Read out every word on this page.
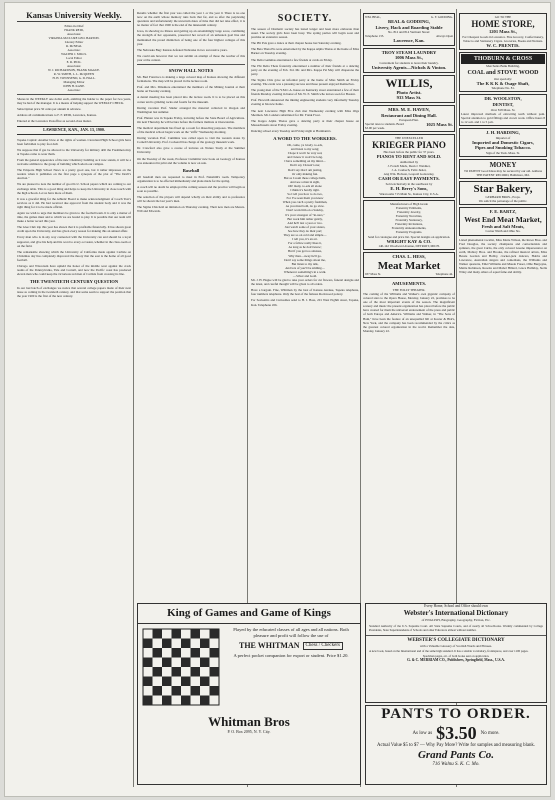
Kansas University Weekly.
Editor-in-Chief
FRANK REID,
Associates:
VIRGINIA McCLURE GEO. BARTON.
Literary Editor
R. McNEAL
Associate:
WALTER J. MILLS.
Local Editor
E. R. PICK.
Associates:
W. J. RICHARDSON, FRANK MAGUE.
R. W. SMITH, L. L. McQUEEN
H. H. TOWNSEND, G. D. HALL.
Managing Editor
JOHN H. KANE.
Associate:

Shares in the WEEKLY one dollar each, entitling the holder to the paper for two years, may be had of the manager. It is a means of helping support the WEEKLY CHECK.

Subscription price 50 cents per annum in advance.

Address all communications to F. F. REID, Lawrence, Kansas.

Entered at the Lawrence Postoffice as second-class matter.

LAWRENCE, KAN., JAN. 13, 1900.

Topeka Capital: Another blow at the rights of women. Cleveland High School girls have been forbidden to play foot-ball.

We suppose that if gas be allowed to the University for military drill the Freshmen may at Topeka come to wear them.

From the general appearance of the new Chemistry building as it now stands, it will be a welcome addition to the group of building which adorn our campus.

The Emporia High School News is a pretty good one, but it rather impresses on the readers when it publishes on the first page a synopsis of the plot of "The Devil's Auction."

We are pleased to note the number of good K.U. School papers which are coming to our exchange table. This is a good thing and helps to keep the University in close touch with the high schools. Let us have more of them.

It was a graceful thing for the Athletic Board to make acknowledgment of Coach Yost's services as it did. He had received due approval from the student body and it was the right thing for it to be made official.

Again we wish to urge that members be given to the football team. It is only a matter of time, the games must and to which we are bound to play. It is possible that our team will make a better record this year.

The Glee Club trip this year has shown that it is profitable financially. It has shown great credit upon the University, and has given every reason for making this an annual affair.

Every man who is in any way connected with the University can and should be a loyal supporter, and give his help and his word to every occasion, whether in the class-room or on the field.

The remarkable showing which the University of California made against Carlisle on Christmas day has completely disproved the theory that the east is the home of all good football.

Chicago and Wisconsin have upheld the honor of the middle west against the crack teams of the Pennsylvania, Yale and Cornell, and now the Pacific coast has produced eleven men who could keep the victorious red men of Carlisle from crossing its line.

THE TWENTIETH CENTURY QUESTION

In our last batch of exchanges we notice that several college papers made of their next issue as coming in the twentieth century, and that some seem to support the position that the year 1900 is the first of the new century.

Results whether the first year was called the year 1 or the year 0. There is no one now on the earth whose memory runs back that far, and so after the perplexing questions and unfortunately the uncertain dates of time that did not take effect, it is no matter of fact that 1900 is the end of the nineteenth century.

Iowa, in showing no illness and getting up an astonishingly large score, combining the strength of her opponents, preserved her record of an unbeaten goal line and maintained the proud distinction of being one of the four highest colleges of this year.

The Nebraska Bug: Kansas defeated Nebraska in two successive years.

We could ask however that we not submit an attempt of those the teacher of this year at the contest.

SNOW HALL NOTES

Mr. Bud Francisco is making a large colored map of Kansas showing the different formations. The map will be placed in the lecture room.

Prof. and Mrs. Dinsmore entertained the members of the Mining Journal at their home on Tuesday evening.

A dental meeting has been placed into the lecture room. It is to be placed on this corner and is grinding rocks and fossils for the museum.

During vacation Prof. Snider arranged the material collected in Oregon and Washington last summer.

Prof. Hunter was in Topeka Friday, lecturing before the State Board of Agriculture. On next Thursday he will lecture before the farmers institute at Osawatomie.

The medical department has fixed up a room for dissecting purposes. The members of the medical school began work on the "stiffs" Wednesday morning.

During vacation Prof. Cummins was called upon to visit the western states by Cornell University. Prof. Cockerell has charge of the geology museum work.

Dr. Crawford also gave a course of lectures on Nature Study at the Summer University.

On the Tuesday of the week, Professor Cummins' new book on Geology of Kansas was announced in print and the volume is now on sale.

Baseball

All baseball men are requested to meet in Prof. Naismith's room. Temporary organization is to be effected immediately and plans made for the spring.

A coach will no doubt be employed the coming season and the practice will begin as soon as possible.

The selection of the players will depend wholly on their ability and to preference will be shown the last year's men.

The Sigma Chis held an initiation on Thursday evening. Their new men are Messrs. Will and Edwards.

SOCIETY.

The season of Dramatic society has lasted longer and been more elaborate than usual. The society girls have been busy. The spring parties will begin soon and promise an extensive season.

The Phi Psis gave a dance at their chapter house last Saturday evening.

The Beta Theta Pis were entertained by the Kappa Alpha Thetas at the home of Miss Barker on Tuesday evening.

The Delta Gammas entertained a few friends at cards on Friday.

The Phi Delta Theta fraternity entertained a number of their friends at a dancing party on the evening of Feb. 3rd. Mr. and Mrs. Kappa Psi May will chaperone the party.

The Sigma Chis gave an informal party at the home of Miss Smith on Friday evening. The event was a pleasing success and those present enjoyed themselves.

The young men of the Y.M.C.A. house on Kentucky street entertained a few of their friends Monday evening in honor of Mr. W. E. Smith who leaves soon for Boston.

Prof. Howarth announced the mining engineering students very informally Tuesday evening at his new home.

The next Lawrence High Five club met Wednesday evening with Miss Olga Shermon. Mr. Landers substituted for Mr. Frank Frost.

The Kappa Alpha Thetas gave a dancing party at their chapter house on Massachusetts street Friday evening.

Dancing school every Tuesday and Friday night at Hartmann's.

A WORD TO THE WORKERS.
Oh, come, ye lovely co-eds,
and listen to my song;
I hope it won't be very sad,
and I know it won't be long.
I have something on my mind—
Don't say I haven't one;
Don't say that I am jesting,
Or only making fun.
But as I roam these college halls,
And see a man in sight,
Oh! many co-eds all alone
I think it's hardly right.
So I tell you how to do two,
For I've seen them you know
When you catch a pretty freshman,
As you must both, do go slow.
Don't work him on a Sunday,
It's your strongest of "in-ners,"
But work him rather gently,
And he'll last a year or two.
Just watch some of your sisters,
See how they do their part;
They are so on cold and simple—
I tell you, it's an art.
For a fellow really likes it,
As long as he don't know;
But if you get too anxious,
Why then—away he'll go.
Don't say some things about me,
But listen to my talk,
And lots of you'll be smiling—
Whenever something's in a walk.
—Silver and Gold.

Mr. J. H. Hague will be glad to take your orders for cut flowers, funeral designs and the latest, and careful thought will be given to all orders.

Have a bargain. Fine, Whitman by the best of Kansas Avenue, Topeka telephone, four numbers telephone. Only the best of the famous Rockwood pottery.

For Souvenirs and Curiosities send to H. J. Bass, 201 West Eighth street, Topeka, Kan. Telephone 456.

WM. BEAL,	G. F. GODDING.
BEAL & GODDING,
Livery, Hack and Boarding Stable
No. 812 and 814 Vermont Street:
Telephone 135.	Always Open
Lawrence, Kan.
TROY STEAM LAUNDRY
1006 Mass St.,
Convenient for students to leave their laundry.
University Agents—Nichols & Vinton.
WILLIS,
Photo Artist.
933 Mass St.
MRS. M. E. HAVEN,
Restaurant and Dining Hall.
European Plan.
Special rates to students. Board $3.00 per week.
1025 Mass St.
THE UNEXCELLED
KRIEGER PIANO
Has been before the public for 37 years.
PIANOS TO RENT AND SOLD.
Authorized by
J. Forsch Mack, Dean J. Weidner,
J. A. Coubech, Felix Jusler,
Ang Wm. Hobson, Leopold Godowsky,
CASH OR EASY PAYMENTS.
Sold exclusively in the southwest by
E. H. Berry's Sons,
Warerooms 715 Main St., Kansas City, U.S.A.
Manufacturers of High Grade
Fraternity Emblems,
Fraternity Jewelry,
Fraternity Novelties,
Fraternity Stationery,
Fraternity Invitations,
Fraternity Announcements,
Fraternity Programs.
Send for catalogue and price list. Special designs on application.
WRIGHT KAY & CO.
140-142 Woodward Avenue, DETROIT, MICH.
CHAS. L. HESS,
Meat Market
937 Mass St.	Telephone 44.
AMUSEMENTS.
THE FOLLY THEATER.

The coming of the Williams and Walker's own gigantic company of colored stars to the Opera House, Monday, January 22, promises to be one of the most important events of the season. The magnificent scenery and music the present organization has placed before the public have created for them the universal endorsement of the press and public of both Europe and America. Williams and Walker, in "The Sons of Ham," have been the feature of an unequalled bill at Koster & Bial's, New York, and the company has been recommended by the critics as the greatest colored organization in the world. Remember the date, Monday, January 22.

GO TO THE
HOME STORE,
1201 Mass St.,
For Cheapest Goods in Lawrence. Fine Grocery, Confectionery, Tobacco and Stationery Cigars. Groceries, Books and Notions.
W. C. PRENTIS.
THOBURN & CROSS
Merchants Bank Building,
COAL and STOVE WOOD
Our specialty:
The K K K & Osage Shaft,
Telephone No. 81.
DR. WOOLSTON,
DENTIST,
Over 818 Mass. St.
Latest improved methods of extracting teeth without pain. Special attention to gold fillings and crown work. Office hours 8 to 12 a.m. and 1 to 5 p.m.
J. H. HARDING,
Importer of
Imported and Domestic Cigars,
Pipes and Smoking Tobacco.
Sign of the Turk. Mass. St.
MONEY
TO PATENT Good Ideas may be secured by our aid. Address THE PATENT RECORD, Baltimore, Md.
Star Bakery,
GERHARD BROS., Props.
We solicit the patronage of the public.
F. E. BARTZ,
West End Meat Market,
Fresh and Salt Meats,
Corner Ninth and Ohio Sts.

Listed phenomenal vocalist, Miss Marie Wilson, the Rowe Bros. and Fred Douglas, the society champions and contortionists and spinners, the great Curtis, the only colored Greene impersonator on earth, Mallory Bros. and Brooks, the refined musical artists, Miss Bessie Gordon and Hobby, cracker-jack dancers, Hobbs and Lawrence, Australian singers and comedians, the Williams and Walker quartette, Ethel Williams and Maude Fraser, Ollie Burgoyne, Mattie Robinson, Rosetta and Mabel Hillard, Grace Halliday, Stella Wiley and many others of equal fame and ability.

King of Games and Game of Kings
Played by the educated classes of all ages and all nations. Both pleasure and profit will follow the use of
THE WHITMAN	Chess / Checkers
A perfect pocket companion for export or student. Price $1.20.
Whitman Bros
P. O. Box 2095, N. Y. City.
Every Home, School and Office should own
Webster's International Dictionary
of ENGLISH, Biography, Geography, Fiction, Etc.
Standard Authority of the U.S. Supreme Court. All State Supreme Courts, and of nearly all Schoolbooks. Warmly commended by College Presidents, State Superintendents of Schools and other Educators almost without number.
WEBSTER'S COLLEGIATE DICTIONARY
with a Valuable Glossary of Scottish Words and Phrases.
A new book, based on the International and of the same high standard. It has a sizable vocabulary, frontispiece, and over 1100 pages.
Specimen pages, etc. of both books sent on application.
G. & C. MERRIAM CO., Publishers, Springfield, Mass., U.S.A.
PANTS TO ORDER.
As low as $3.50 No more.
Actual Value $5 to $7 — Why Pay More? Write for samples and measuring blank.
Grand Pants Co.
716 Walnu S. K. C. Mo.
